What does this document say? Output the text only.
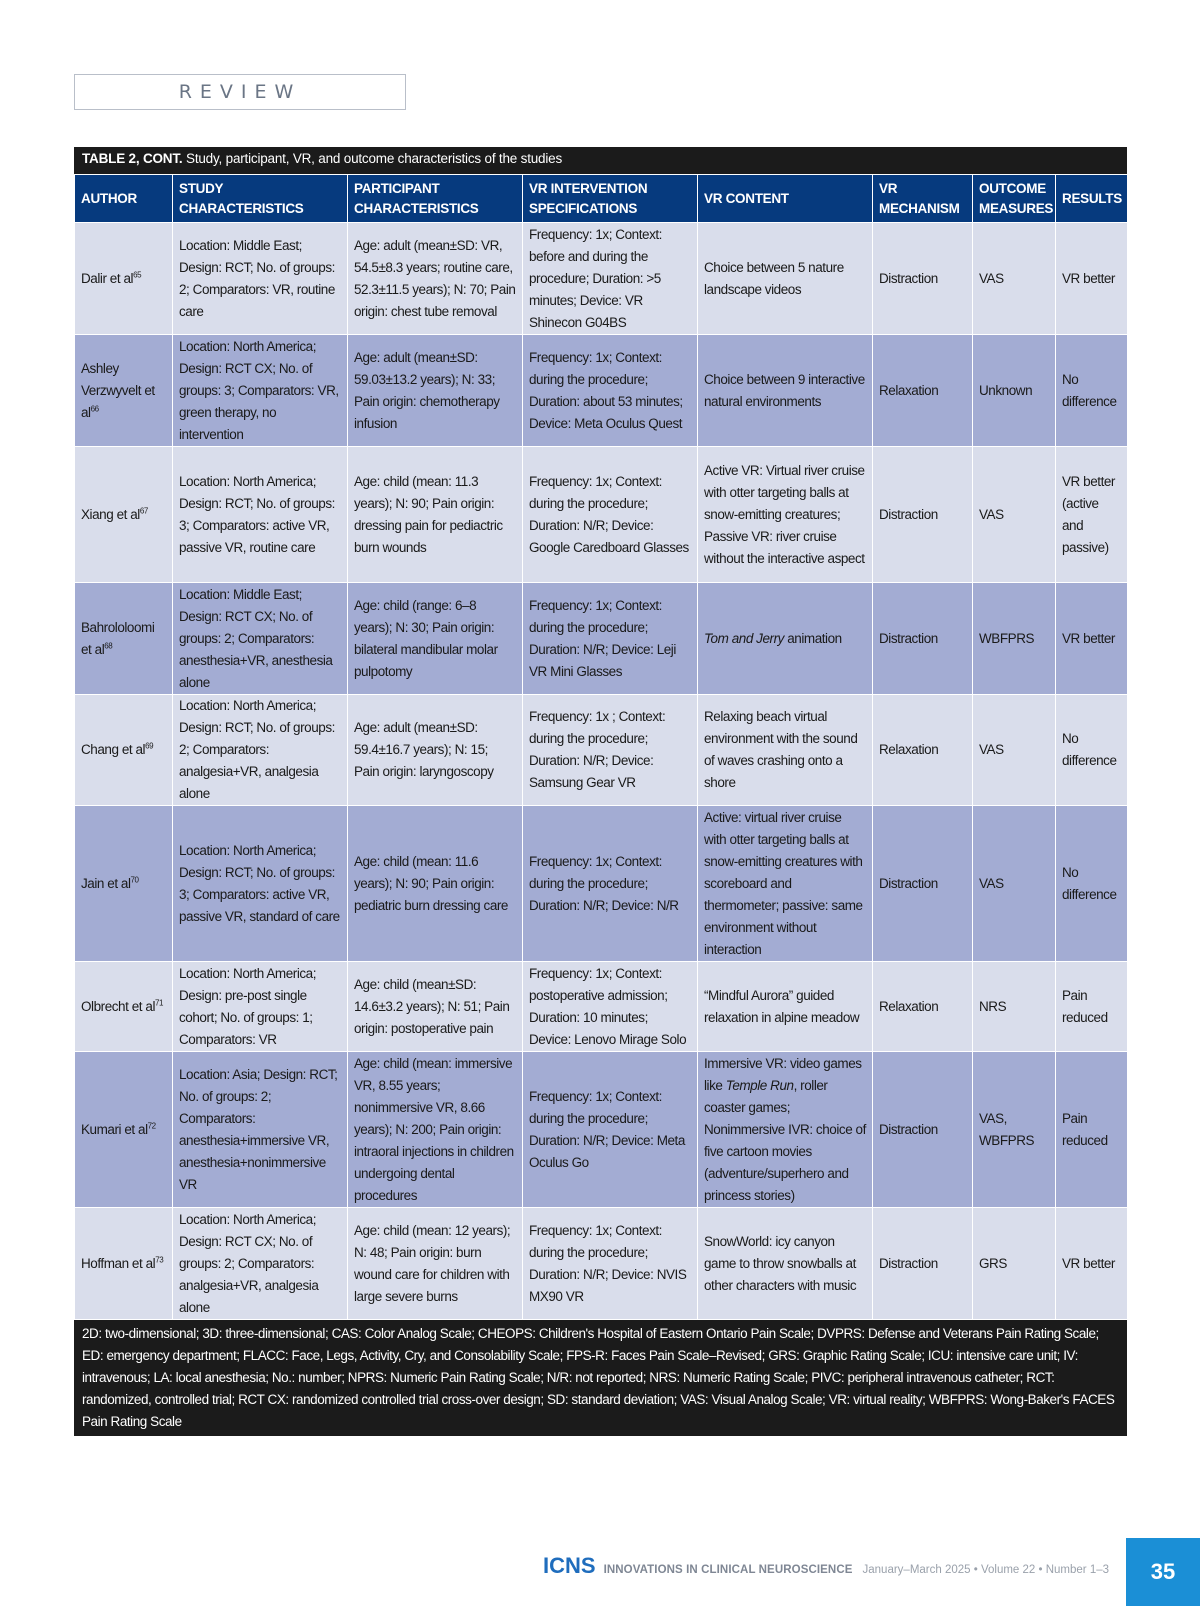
REVIEW
TABLE 2, CONT. Study, participant, VR, and outcome characteristics of the studies
AUTHOR	STUDY CHARACTERISTICS	PARTICIPANT CHARACTERISTICS	VR INTERVENTION SPECIFICATIONS	VR CONTENT	VR MECHANISM	OUTCOME MEASURES	RESULTS
Dalir et $al^{65}$	Location: Middle East; Design: RCT; No. of groups: 2; Comparators: VR, routine care	Age: adult (mean±SD: VR, 54.5±8.3 years; routine care, 52.3±11.5 years); N: 70; Pain origin: chest tube removal	Frequency: 1x; Context: before and during the procedure; Duration: >5 minutes; Device: VR Shinecon G04BS	Choice between 5 nature landscape videos	Distraction	VAS	VR better
Ashley Verzwyvelt et $al^{66}$	Location: North America; Design: RCT CX; No. of groups: 3; Comparators: VR, green therapy, no intervention	Age: adult (mean±SD: 59.03±13.2 years); N: 33; Pain origin: chemotherapy infusion	Frequency: 1x; Context: during the procedure; Duration: about 53 minutes; Device: Meta Oculus Quest	Choice between 9 interactive natural environments	Relaxation	Unknown	No difference
Xiang et $al^{67}$	Location: North America; Design: RCT; No. of groups: 3; Comparators: active VR, passive VR, routine care	Age: child (mean: 11.3 years); N: 90; Pain origin: dressing pain for pediactric burn wounds	Frequency: 1x; Context: during the procedure; Duration: N/R; Device: Google Caredboard Glasses	Active VR: Virtual river cruise with otter targeting balls at snow-emitting creatures; Passive VR: river cruise without the interactive aspect	Distraction	VAS	VR better (active and passive)
Bahrololoomi et $al^{68}$	Location: Middle East; Design: RCT CX; No. of groups: 2; Comparators: anesthesia+VR, anesthesia alone	Age: child (range: 6–8 years); N: 30; Pain origin: bilateral mandibular molar pulpotomy	Frequency: 1x; Context: during the procedure; Duration: N/R; Device: Leji VR Mini Glasses	Tom and Jerry animation	Distraction	WBFPRS	VR better
Chang et $al^{69}$	Location: North America; Design: RCT; No. of groups: 2; Comparators: analgesia+VR, analgesia alone	Age: adult (mean±SD: 59.4±16.7 years); N: 15; Pain origin: laryngoscopy	Frequency: 1x ; Context: during the procedure; Duration: N/R; Device: Samsung Gear VR	Relaxing beach virtual environment with the sound of waves crashing onto a shore	Relaxation	VAS	No difference
Jain et $al^{70}$	Location: North America; Design: RCT; No. of groups: 3; Comparators: active VR, passive VR, standard of care	Age: child (mean: 11.6 years); N: 90; Pain origin: pediatric burn dressing care	Frequency: 1x; Context: during the procedure; Duration: N/R; Device: N/R	Active: virtual river cruise with otter targeting balls at snow-emitting creatures with scoreboard and thermometer; passive: same environment without interaction	Distraction	VAS	No difference
Olbrecht et $al^{71}$	Location: North America; Design: pre-post single cohort; No. of groups: 1; Comparators: VR	Age: child (mean±SD: 14.6±3.2 years); N: 51; Pain origin: postoperative pain	Frequency: 1x; Context: postoperative admission; Duration: 10 minutes; Device: Lenovo Mirage Solo	“Mindful Aurora” guided relaxation in alpine meadow	Relaxation	NRS	Pain reduced
Kumari et $al^{72}$	Location: Asia; Design: RCT; No. of groups: 2; Comparators: anesthesia+immersive VR, anesthesia+nonimmersive VR	Age: child (mean: immersive VR, 8.55 years; nonimmersive VR, 8.66 years); N: 200; Pain origin: intraoral injections in children undergoing dental procedures	Frequency: 1x; Context: during the procedure; Duration: N/R; Device: Meta Oculus Go	Immersive VR: video games like Temple Run, roller coaster games; Nonimmersive IVR: choice of five cartoon movies (adventure/superhero and princess stories)	Distraction	VAS, WBFPRS	Pain reduced
Hoffman et $al^{73}$	Location: North America; Design: RCT CX; No. of groups: 2; Comparators: analgesia+VR, analgesia alone	Age: child (mean: 12 years); N: 48; Pain origin: burn wound care for children with large severe burns	Frequency: 1x; Context: during the procedure; Duration: N/R; Device: NVIS MX90 VR	SnowWorld: icy canyon game to throw snowballs at other characters with music	Distraction	GRS	VR better
2D: two-dimensional; 3D: three-dimensional; CAS: Color Analog Scale; CHEOPS: Children's Hospital of Eastern Ontario Pain Scale; DVPRS: Defense and Veterans Pain Rating Scale; ED: emergency department; FLACC: Face, Legs, Activity, Cry, and Consolability Scale; FPS-R: Faces Pain Scale–Revised; GRS: Graphic Rating Scale; ICU: intensive care unit; IV: intravenous; LA: local anesthesia; No.: number; NPRS: Numeric Pain Rating Scale; N/R: not reported; NRS: Numeric Rating Scale; PIVC: peripheral intravenous catheter; RCT: randomized, controlled trial; RCT CX: randomized controlled trial cross-over design; SD: standard deviation; VAS: Visual Analog Scale; VR: virtual reality; WBFPRS: Wong-Baker's FACES Pain Rating Scale
ICNS INNOVATIONS IN CLINICAL NEUROSCIENCE January–March 2025 • Volume 22 • Number 1–3	35
